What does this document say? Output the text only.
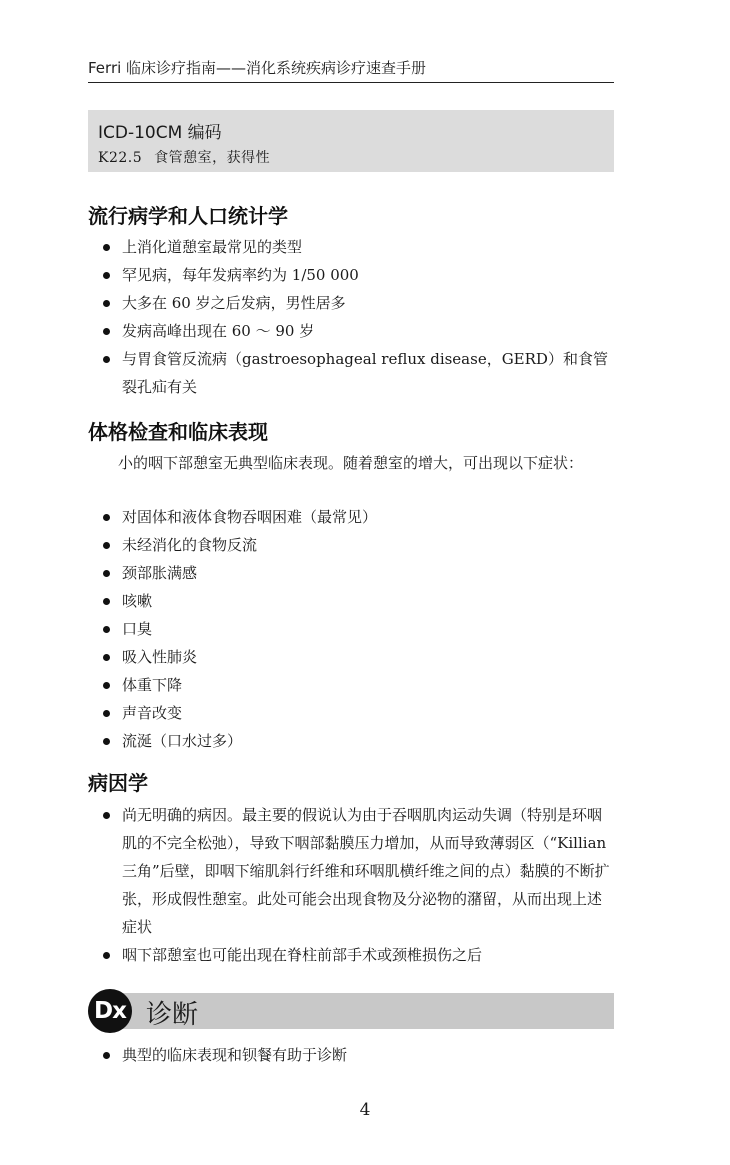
Ferri 临床诊疗指南——消化系统疾病诊疗速查手册
ICD-10CM 编码
K22.5 食管憩室，获得性
流行病学和人口统计学
上消化道憩室最常见的类型
罕见病，每年发病率约为 1/50 000
大多在 60 岁之后发病，男性居多
发病高峰出现在 60 ～ 90 岁
与胃食管反流病（gastroesophageal reflux disease，GERD）和食管裂孔疝有关
体格检查和临床表现
小的咽下部憩室无典型临床表现。随着憩室的增大，可出现以下症状：
对固体和液体食物吞咽困难（最常见）
未经消化的食物反流
颈部胀满感
咳嗽
口臭
吸入性肺炎
体重下降
声音改变
流涎（口水过多）
病因学
尚无明确的病因。最主要的假说认为由于吞咽肌肉运动失调（特别是环咽肌的不完全松弛），导致下咽部黏膜压力增加，从而导致薄弱区（“Killian 三角”后壁，即咽下缩肌斜行纤维和环咽肌横纤维之间的点）黏膜的不断扩张，形成假性憩室。此处可能会出现食物及分泌物的潴留，从而出现上述症状
咽下部憩室也可能出现在脊柱前部手术或颈椎损伤之后
Dx 诊断
典型的临床表现和钡餐有助于诊断
4
